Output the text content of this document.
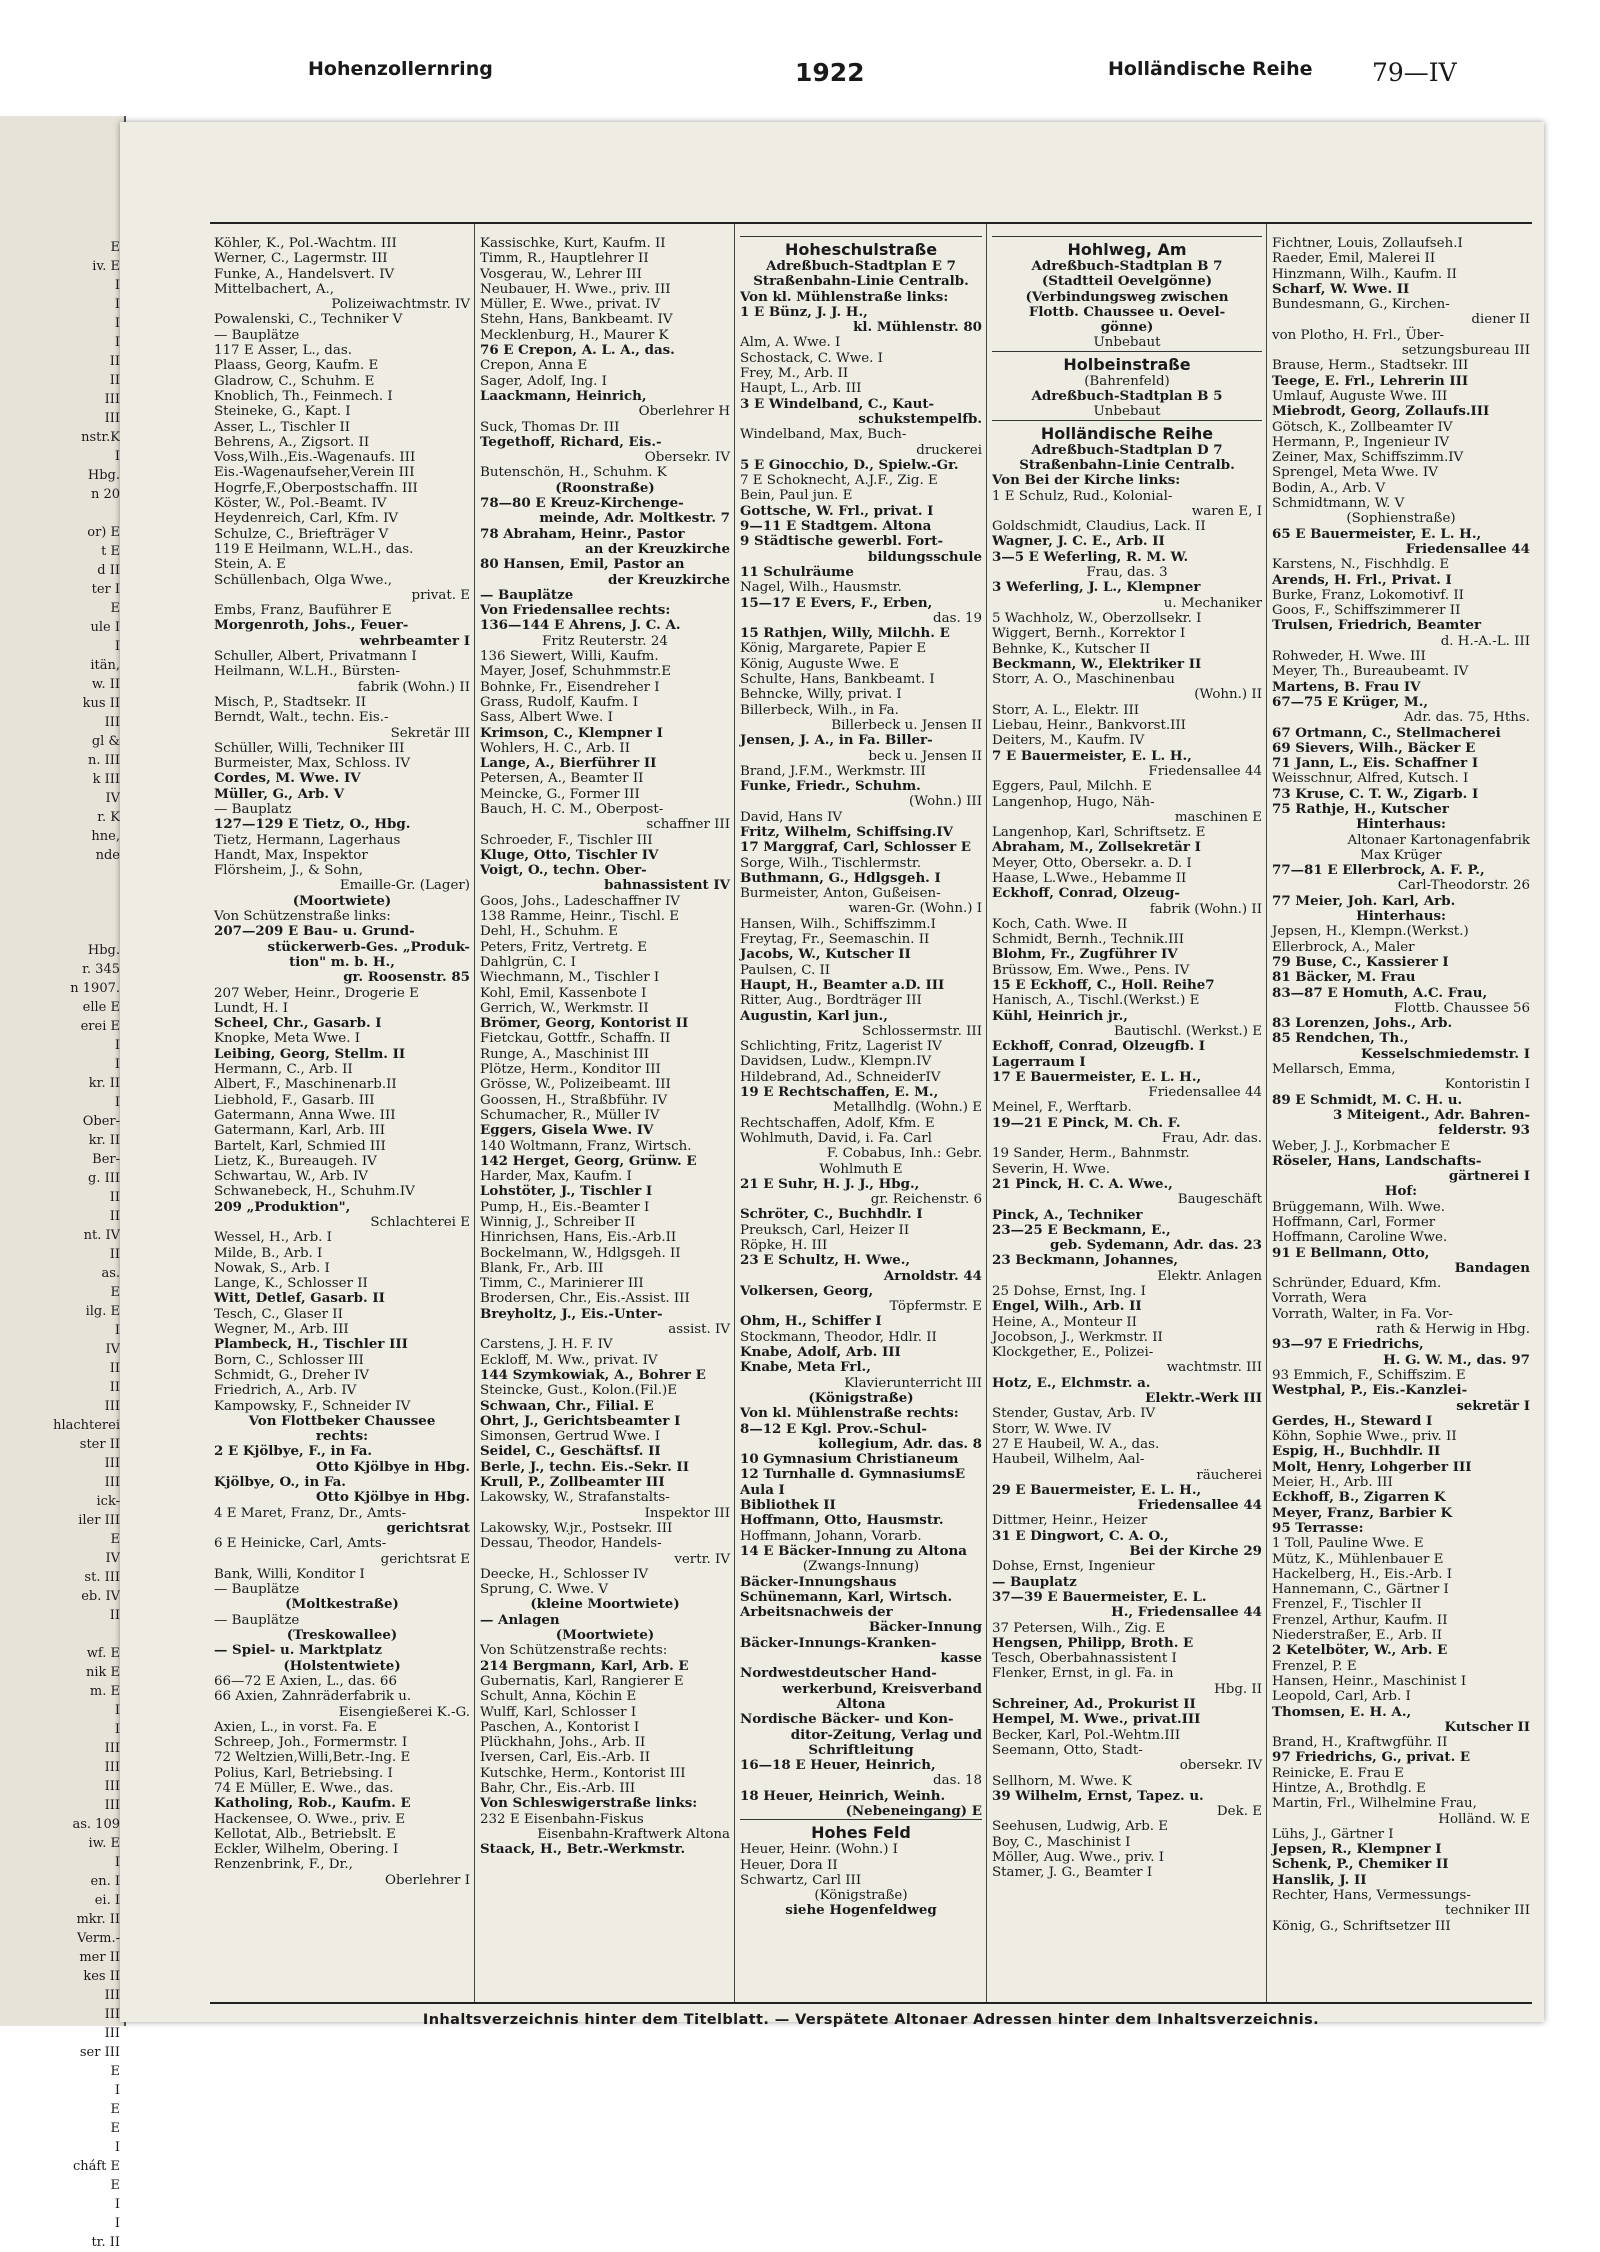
E
iv. E
I
I
I
I
II
II
III
III
nstr.K
I
Hbg.
n 20

or) E
t E
d II
ter I
E
ule I
I
itän,
w. II
kus II
III
gl &
n. III
k III
IV
r. K
hne,
nde

Hbg.
r. 345
n 1907.
elle E
erei E
I
I
kr. II
I
Ober-
kr. II
Ber-
g. III
II
II
nt. IV
II
as.
E
ilg. E
I
IV
II
II
III
hlachterei
ster II
III
III
ick-
iler III
E
IV
st. III
eb. IV
II

wf. E
nik E
m. E
I
I
III
III
III
III
as. 109
iw. E
I
en. I
ei. I
mkr. II
Verm.-
mer II
kes II
III
III
III
ser III
E
I
E
E
I
cháft E
E
I
I
tr. II
Hohenzollernring	1922	Holländische Reihe 79—IV
Köhler, K., Pol.-Wachtm. III
Werner, C., Lagermstr. III
Funke, A., Handelsvert. IV
Mittelbachert, A.,
Polizeiwachtmstr. IV
Powalenski, C., Techniker V
— Bauplätze
117 E Asser, L., das.
Plaass, Georg, Kaufm. E
Gladrow, C., Schuhm. E
Knoblich, Th., Feinmech. I
Steineke, G., Kapt. I
Asser, L., Tischler II
Behrens, A., Zigsort. II
Voss,Wilh.,Eis.-Wagenaufs. III
Eis.-Wagenaufseher,Verein III
Hogrfe,F.,Oberpostschaffn. III
Köster, W., Pol.-Beamt. IV
Heydenreich, Carl, Kfm. IV
Schulze, C., Briefträger V
119 E Heilmann, W.L.H., das.
Stein, A. E
Schüllenbach, Olga Wwe.,
privat. E
Embs, Franz, Bauführer E
Morgenroth, Johs., Feuer-
wehrbeamter I
Schuller, Albert, Privatmann I
Heilmann, W.L.H., Bürsten-
fabrik (Wohn.) II
Misch, P., Stadtsekr. II
Berndt, Walt., techn. Eis.-
Sekretär III
Schüller, Willi, Techniker III
Burmeister, Max, Schloss. IV
Cordes, M. Wwe. IV
Müller, G., Arb. V
— Bauplatz
127—129 E Tietz, O., Hbg.
Tietz, Hermann, Lagerhaus
Handt, Max, Inspektor
Flörsheim, J., & Sohn,
Emaille-Gr. (Lager)
(Moortwiete)
Von Schützenstraße links:
207—209 E Bau- u. Grund-
stückerwerb-Ges. „Produk-
tion" m. b. H.,
gr. Roosenstr. 85
207 Weber, Heinr., Drogerie E
Lundt, H. I
Scheel, Chr., Gasarb. I
Knopke, Meta Wwe. I
Leibing, Georg, Stellm. II
Hermann, C., Arb. II
Albert, F., Maschinenarb.II
Liebhold, F., Gasarb. III
Gatermann, Anna Wwe. III
Gatermann, Karl, Arb. III
Bartelt, Karl, Schmied III
Lietz, K., Bureaugeh. IV
Schwartau, W., Arb. IV
Schwanebeck, H., Schuhm.IV
209 „Produktion",
Schlachterei E
Wessel, H., Arb. I
Milde, B., Arb. I
Nowak, S., Arb. I
Lange, K., Schlosser II
Witt, Detlef, Gasarb. II
Tesch, C., Glaser II
Wegner, M., Arb. III
Plambeck, H., Tischler III
Born, C., Schlosser III
Schmidt, G., Dreher IV
Friedrich, A., Arb. IV
Kampowsky, F., Schneider IV
Von Flottbeker Chaussee
rechts:
2 E Kjölbye, F., in Fa.
Otto Kjölbye in Hbg.
Kjölbye, O., in Fa.
Otto Kjölbye in Hbg.
4 E Maret, Franz, Dr., Amts-
gerichtsrat
6 E Heinicke, Carl, Amts-
gerichtsrat E
Bank, Willi, Konditor I
— Bauplätze
(Moltkestraße)
— Bauplätze
(Treskowallee)
— Spiel- u. Marktplatz
(Holstentwiete)
66—72 E Axien, L., das. 66
66 Axien, Zahnräderfabrik u.
Eisengießerei K.-G.
Axien, L., in vorst. Fa. E
Schreep, Joh., Formermstr. I
72 Weltzien,Willi,Betr.-Ing. E
Polius, Karl, Betriebsing. I
74 E Müller, E. Wwe., das.
Katholing, Rob., Kaufm. E
Hackensee, O. Wwe., priv. E
Kellotat, Alb., Betriebslt. E
Eckler, Wilhelm, Obering. I
Renzenbrink, F., Dr.,
Oberlehrer I
Kassischke, Kurt, Kaufm. II
Timm, R., Hauptlehrer II
Vosgerau, W., Lehrer III
Neubauer, H. Wwe., priv. III
Müller, E. Wwe., privat. IV
Stehn, Hans, Bankbeamt. IV
Mecklenburg, H., Maurer K
76 E Crepon, A. L. A., das.
Crepon, Anna E
Sager, Adolf, Ing. I
Laackmann, Heinrich,
Oberlehrer H
Suck, Thomas Dr. III
Tegethoff, Richard, Eis.-
Obersekr. IV
Butenschön, H., Schuhm. K
(Roonstraße)
78—80 E Kreuz-Kirchenge-
meinde, Adr. Moltkestr. 7
78 Abraham, Heinr., Pastor
an der Kreuzkirche
80 Hansen, Emil, Pastor an
der Kreuzkirche
— Bauplätze
Von Friedensallee rechts:
136—144 E Ahrens, J. C. A.
Fritz Reuterstr. 24
136 Siewert, Willi, Kaufm.
Mayer, Josef, Schuhmmstr.E
Bohnke, Fr., Eisendreher I
Grass, Rudolf, Kaufm. I
Sass, Albert Wwe. I
Krimson, C., Klempner I
Wohlers, H. C., Arb. II
Lange, A., Bierführer II
Petersen, A., Beamter II
Meincke, G., Former III
Bauch, H. C. M., Oberpost-
schaffner III
Schroeder, F., Tischler III
Kluge, Otto, Tischler IV
Voigt, O., techn. Ober-
bahnassistent IV
Goos, Johs., Ladeschaffner IV
138 Ramme, Heinr., Tischl. E
Dehl, H., Schuhm. E
Peters, Fritz, Vertretg. E
Dahlgrün, C. I
Wiechmann, M., Tischler I
Kohl, Emil, Kassenbote I
Gerrich, W., Werkmstr. II
Brömer, Georg, Kontorist II
Fietckau, Gottfr., Schaffn. II
Runge, A., Maschinist III
Plötze, Herm., Konditor III
Grösse, W., Polizeibeamt. III
Goossen, H., Straßbführ. IV
Schumacher, R., Müller IV
Eggers, Gisela Wwe. IV
140 Woltmann, Franz, Wirtsch.
142 Herget, Georg, Grünw. E
Harder, Max, Kaufm. I
Lohstöter, J., Tischler I
Pump, H., Eis.-Beamter I
Winnig, J., Schreiber II
Hinrichsen, Hans, Eis.-Arb.II
Bockelmann, W., Hdlgsgeh. II
Blank, Fr., Arb. III
Timm, C., Marinierer III
Brodersen, Chr., Eis.-Assist. III
Breyholtz, J., Eis.-Unter-
assist. IV
Carstens, J. H. F. IV
Eckloff, M. Ww., privat. IV
144 Szymkowiak, A., Bohrer E
Steincke, Gust., Kolon.(Fil.)E
Schwaan, Chr., Filial. E
Ohrt, J., Gerichtsbeamter I
Simonsen, Gertrud Wwe. I
Seidel, C., Geschäftsf. II
Berle, J., techn. Eis.-Sekr. II
Krull, P., Zollbeamter III
Lakowsky, W., Strafanstalts-
Inspektor III
Lakowsky, W.jr., Postsekr. III
Dessau, Theodor, Handels-
vertr. IV
Deecke, H., Schlosser IV
Sprung, C. Wwe. V
(kleine Moortwiete)
— Anlagen
(Moortwiete)
Von Schützenstraße rechts:
214 Bergmann, Karl, Arb. E
Gubernatis, Karl, Rangierer E
Schult, Anna, Köchin E
Wulff, Karl, Schlosser I
Paschen, A., Kontorist I
Plückhahn, Johs., Arb. II
Iversen, Carl, Eis.-Arb. II
Kutschke, Herm., Kontorist III
Bahr, Chr., Eis.-Arb. III
Von Schleswigerstraße links:
232 E Eisenbahn-Fiskus
Eisenbahn-Kraftwerk Altona
Staack, H., Betr.-Werkmstr.
Hoheschulstraße
Adreßbuch-Stadtplan E 7
Straßenbahn-Linie Centralb.
Von kl. Mühlenstraße links:
1 E Bünz, J. J. H.,
kl. Mühlenstr. 80
Alm, A. Wwe. I
Schostack, C. Wwe. I
Frey, M., Arb. II
Haupt, L., Arb. III
3 E Windelband, C., Kaut-
schukstempelfb.
Windelband, Max, Buch-
druckerei
5 E Ginocchio, D., Spielw.-Gr.
7 E Schoknecht, A.J.F., Zig. E
Bein, Paul jun. E
Gottsche, W. Frl., privat. I
9—11 E Stadtgem. Altona
9 Städtische gewerbl. Fort-
bildungsschule
11 Schulräume
Nagel, Wilh., Hausmstr.
15—17 E Evers, F., Erben,
das. 19
15 Rathjen, Willy, Milchh. E
König, Margarete, Papier E
König, Auguste Wwe. E
Schulte, Hans, Bankbeamt. I
Behncke, Willy, privat. I
Billerbeck, Wilh., in Fa.
Billerbeck u. Jensen II
Jensen, J. A., in Fa. Biller-
beck u. Jensen II
Brand, J.F.M., Werkmstr. III
Funke, Friedr., Schuhm.
(Wohn.) III
David, Hans IV
Fritz, Wilhelm, Schiffsing.IV
17 Marggraf, Carl, Schlosser E
Sorge, Wilh., Tischlermstr.
Buthmann, G., Hdlgsgeh. I
Burmeister, Anton, Gußeisen-
waren-Gr. (Wohn.) I
Hansen, Wilh., Schiffszimm.I
Freytag, Fr., Seemaschin. II
Jacobs, W., Kutscher II
Paulsen, C. II
Haupt, H., Beamter a.D. III
Ritter, Aug., Bordträger III
Augustin, Karl jun.,
Schlossermstr. III
Schlichting, Fritz, Lagerist IV
Davidsen, Ludw., Klempn.IV
Hildebrand, Ad., SchneiderIV
19 E Rechtschaffen, E. M.,
Metallhdlg. (Wohn.) E
Rechtschaffen, Adolf, Kfm. E
Wohlmuth, David, i. Fa. Carl
F. Cobabus, Inh.: Gebr.
Wohlmuth E
21 E Suhr, H. J. J., Hbg.,
gr. Reichenstr. 6
Schröter, C., Buchhdlr. I
Preuksch, Carl, Heizer II
Röpke, H. III
23 E Schultz, H. Wwe.,
Arnoldstr. 44
Volkersen, Georg,
Töpfermstr. E
Ohm, H., Schiffer I
Stockmann, Theodor, Hdlr. II
Knabe, Adolf, Arb. III
Knabe, Meta Frl.,
Klavierunterricht III
(Königstraße)
Von kl. Mühlenstraße rechts:
8—12 E Kgl. Prov.-Schul-
kollegium, Adr. das. 8
10 Gymnasium Christianeum
12 Turnhalle d. GymnasiumsE
Aula I
Bibliothek II
Hoffmann, Otto, Hausmstr.
Hoffmann, Johann, Vorarb.
14 E Bäcker-Innung zu Altona
(Zwangs-Innung)
Bäcker-Innungshaus
Schünemann, Karl, Wirtsch.
Arbeitsnachweis der
Bäcker-Innung
Bäcker-Innungs-Kranken-
kasse
Nordwestdeutscher Hand-
werkerbund, Kreisverband
Altona
Nordische Bäcker- und Kon-
ditor-Zeitung, Verlag und
Schriftleitung
16—18 E Heuer, Heinrich,
das. 18
18 Heuer, Heinrich, Weinh.
(Nebeneingang) E
Hohes Feld
Heuer, Heinr. (Wohn.) I
Heuer, Dora II
Schwartz, Carl III
(Königstraße)
siehe Hogenfeldweg
Hohlweg, Am
Adreßbuch-Stadtplan B 7
(Stadtteil Oevelgönne)
(Verbindungsweg zwischen
Flottb. Chaussee u. Oevel-
gönne)
Unbebaut
Holbeinstraße
(Bahrenfeld)
Adreßbuch-Stadtplan B 5
Unbebaut
Holländische Reihe
Adreßbuch-Stadtplan D 7
Straßenbahn-Linie Centralb.
Von Bei der Kirche links:
1 E Schulz, Rud., Kolonial-
waren E, I
Goldschmidt, Claudius, Lack. II
Wagner, J. C. E., Arb. II
3—5 E Weferling, R. M. W.
Frau, das. 3
3 Weferling, J. L., Klempner
u. Mechaniker
5 Wachholz, W., Oberzollsekr. I
Wiggert, Bernh., Korrektor I
Behnke, K., Kutscher II
Beckmann, W., Elektriker II
Storr, A. O., Maschinenbau
(Wohn.) II
Storr, A. L., Elektr. III
Liebau, Heinr., Bankvorst.III
Deiters, M., Kaufm. IV
7 E Bauermeister, E. L. H.,
Friedensallee 44
Eggers, Paul, Milchh. E
Langenhop, Hugo, Näh-
maschinen E
Langenhop, Karl, Schriftsetz. E
Abraham, M., Zollsekretär I
Meyer, Otto, Obersekr. a. D. I
Haase, L.Wwe., Hebamme II
Eckhoff, Conrad, Olzeug-
fabrik (Wohn.) II
Koch, Cath. Wwe. II
Schmidt, Bernh., Technik.III
Blohm, Fr., Zugführer IV
Brüssow, Em. Wwe., Pens. IV
15 E Eckhoff, C., Holl. Reihe7
Hanisch, A., Tischl.(Werkst.) E
Kühl, Heinrich jr.,
Bautischl. (Werkst.) E
Eckhoff, Conrad, Olzeugfb. I
Lagerraum I
17 E Bauermeister, E. L. H.,
Friedensallee 44
Meinel, F., Werftarb.
19—21 E Pinck, M. Ch. F.
Frau, Adr. das.
19 Sander, Herm., Bahnmstr.
Severin, H. Wwe.
21 Pinck, H. C. A. Wwe.,
Baugeschäft
Pinck, A., Techniker
23—25 E Beckmann, E.,
geb. Sydemann, Adr. das. 23
23 Beckmann, Johannes,
Elektr. Anlagen
25 Dohse, Ernst, Ing. I
Engel, Wilh., Arb. II
Heine, A., Monteur II
Jocobson, J., Werkmstr. II
Klockgether, E., Polizei-
wachtmstr. III
Hotz, E., Elchmstr. a.
Elektr.-Werk III
Stender, Gustav, Arb. IV
Storr, W. Wwe. IV
27 E Haubeil, W. A., das.
Haubeil, Wilhelm, Aal-
räucherei
29 E Bauermeister, E. L. H.,
Friedensallee 44
Dittmer, Heinr., Heizer
31 E Dingwort, C. A. O.,
Bei der Kirche 29
Dohse, Ernst, Ingenieur
— Bauplatz
37—39 E Bauermeister, E. L.
H., Friedensallee 44
37 Petersen, Wilh., Zig. E
Hengsen, Philipp, Broth. E
Tesch, Oberbahnassistent I
Flenker, Ernst, in gl. Fa. in
Hbg. II
Schreiner, Ad., Prokurist II
Hempel, M. Wwe., privat.III
Becker, Karl, Pol.-Wehtm.III
Seemann, Otto, Stadt-
obersekr. IV
Sellhorn, M. Wwe. K
39 Wilhelm, Ernst, Tapez. u.
Dek. E
Seehusen, Ludwig, Arb. E
Boy, C., Maschinist I
Möller, Aug. Wwe., priv. I
Stamer, J. G., Beamter I
Fichtner, Louis, Zollaufseh.I
Raeder, Emil, Malerei II
Hinzmann, Wilh., Kaufm. II
Scharf, W. Wwe. II
Bundesmann, G., Kirchen-
diener II
von Plotho, H. Frl., Über-
setzungsbureau III
Brause, Herm., Stadtsekr. III
Teege, E. Frl., Lehrerin III
Umlauf, Auguste Wwe. III
Miebrodt, Georg, Zollaufs.III
Götsch, K., Zollbeamter IV
Hermann, P., Ingenieur IV
Zeiner, Max, Schiffszimm.IV
Sprengel, Meta Wwe. IV
Bodin, A., Arb. V
Schmidtmann, W. V
(Sophienstraße)
65 E Bauermeister, E. L. H.,
Friedensallee 44
Karstens, N., Fischhdlg. E
Arends, H. Frl., Privat. I
Burke, Franz, Lokomotivf. II
Goos, F., Schiffszimmerer II
Trulsen, Friedrich, Beamter
d. H.-A.-L. III
Rohweder, H. Wwe. III
Meyer, Th., Bureaubeamt. IV
Martens, B. Frau IV
67—75 E Krüger, M.,
Adr. das. 75, Hths.
67 Ortmann, C., Stellmacherei
69 Sievers, Wilh., Bäcker E
71 Jann, L., Eis. Schaffner I
Weisschnur, Alfred, Kutsch. I
73 Kruse, C. T. W., Zigarb. I
75 Rathje, H., Kutscher
Hinterhaus:
Altonaer Kartonagenfabrik
Max Krüger
77—81 E Ellerbrock, A. F. P.,
Carl-Theodorstr. 26
77 Meier, Joh. Karl, Arb.
Hinterhaus:
Jepsen, H., Klempn.(Werkst.)
Ellerbrock, A., Maler
79 Buse, C., Kassierer I
81 Bäcker, M. Frau
83—87 E Homuth, A.C. Frau,
Flottb. Chaussee 56
83 Lorenzen, Johs., Arb.
85 Rendchen, Th.,
Kesselschmiedemstr. I
Mellarsch, Emma,
Kontoristin I
89 E Schmidt, M. C. H. u.
3 Miteigent., Adr. Bahren-
felderstr. 93
Weber, J. J., Korbmacher E
Röseler, Hans, Landschafts-
gärtnerei I
Hof:
Brüggemann, Wilh. Wwe.
Hoffmann, Carl, Former
Hoffmann, Caroline Wwe.
91 E Bellmann, Otto,
Bandagen
Schründer, Eduard, Kfm.
Vorrath, Wera
Vorrath, Walter, in Fa. Vor-
rath & Herwig in Hbg.
93—97 E Friedrichs,
H. G. W. M., das. 97
93 Emmich, F., Schiffszim. E
Westphal, P., Eis.-Kanzlei-
sekretär I
Gerdes, H., Steward I
Köhn, Sophie Wwe., priv. II
Espig, H., Buchhdlr. II
Molt, Henry, Lohgerber III
Meier, H., Arb. III
Eckhoff, B., Zigarren K
Meyer, Franz, Barbier K
95 Terrasse:
1 Toll, Pauline Wwe. E
Mütz, K., Mühlenbauer E
Hackelberg, H., Eis.-Arb. I
Hannemann, C., Gärtner I
Frenzel, F., Tischler II
Frenzel, Arthur, Kaufm. II
Niederstraßer, E., Arb. II
2 Ketelböter, W., Arb. E
Frenzel, P. E
Hansen, Heinr., Maschinist I
Leopold, Carl, Arb. I
Thomsen, E. H. A.,
Kutscher II
Brand, H., Kraftwgführ. II
97 Friedrichs, G., privat. E
Reinicke, E. Frau E
Hintze, A., Brothdlg. E
Martin, Frl., Wilhelmine Frau,
Holländ. W. E
Lühs, J., Gärtner I
Jepsen, R., Klempner I
Schenk, P., Chemiker II
Hanslik, J. II
Rechter, Hans, Vermessungs-
techniker III
König, G., Schriftsetzer III
Inhaltsverzeichnis hinter dem Titelblatt. — Verspätete Altonaer Adressen hinter dem Inhaltsverzeichnis.
